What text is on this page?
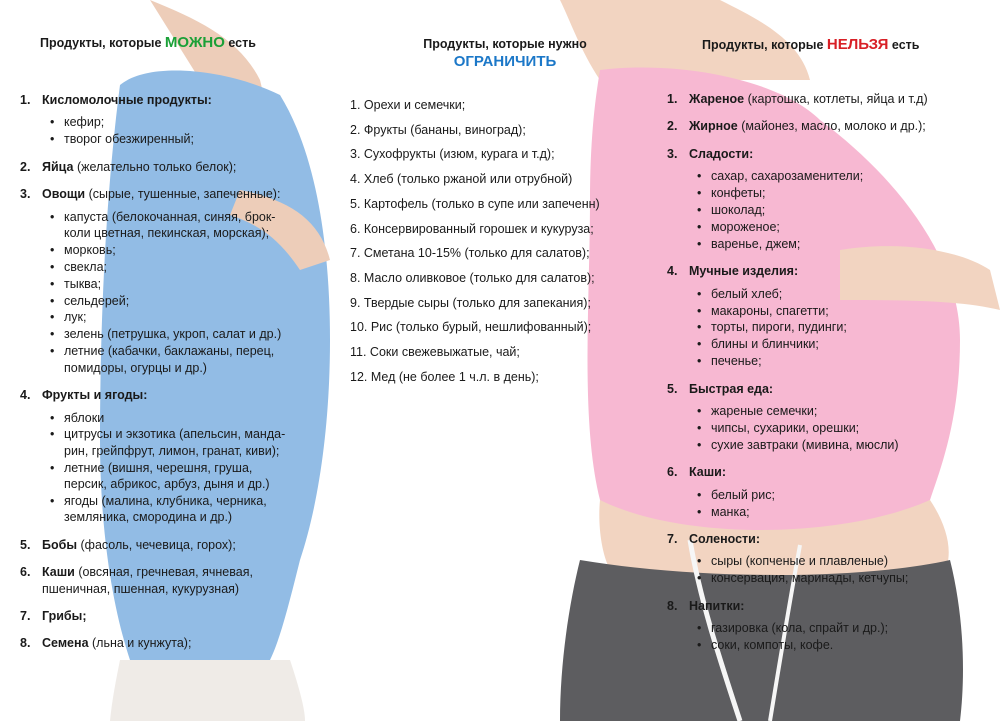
Продукты, которые МОЖНО есть	Продукты, которые нужно
ОГРАНИЧИТЬ
Продукты, которые НЕЛЬЗЯ есть
1. Кисломолочные продукты:
• кефир;
• творог обезжиренный;
2. Яйца (желательно только белок);
3. Овощи (сырые, тушенные, запеченные):
• капуста (белокочанная, синяя, брок-
коли цветная, пекинская, морская);
• морковь;
• свекла;
• тыква;
• сельдерей;
• лук;
• зелень (петрушка, укроп, салат и др.)
• летние (кабачки, баклажаны, перец,
помидоры, огурцы и др.)
4. Фрукты и ягоды:
• яблоки
• цитрусы и экзотика (апельсин, манда-
рин, грейпфрут, лимон, гранат, киви);
• летние (вишня, черешня, груша,
персик, абрикос, арбуз, дыня и др.)
• ягоды (малина, клубника, черника,
земляника, смородина и др.)
5. Бобы (фасоль, чечевица, горох);
6. Каши (овсяная, гречневая, ячневая,
пшеничная, пшенная, кукурузная)
7. Грибы;
8. Семена (льна и кунжута);
1. Орехи и семечки;
2. Фрукты (бананы, виноград);
3. Сухофрукты (изюм, курага и т.д);
4. Хлеб (только ржаной или отрубной)
5. Картофель (только в супе или запеченн)
6. Консервированный горошек и кукуруза;
7. Сметана 10-15% (только для салатов);
8. Масло оливковое (только для салатов);
9. Твердые сыры (только для запекания);
10. Рис (только бурый, нешлифованный);
11. Соки свежевыжатые, чай;
12. Мед (не более 1 ч.л. в день);
1. Жареное (картошка, котлеты, яйца и т.д)
2. Жирное (майонез, масло, молоко и др.);
3. Сладости:
• сахар, сахарозаменители;
• конфеты;
• шоколад;
• мороженое;
• варенье, джем;
4. Мучные изделия:
• белый хлеб;
• макароны, спагетти;
• торты, пироги, пудинги;
• блины и блинчики;
• печенье;
5. Быстрая еда:
• жареные семечки;
• чипсы, сухарики, орешки;
• сухие завтраки (мивина, мюсли)
6. Каши:
• белый рис;
• манка;
7. Солености:
• сыры (копченые и плавленые)
• консервация, маринады, кетчупы;
8. Напитки:
• газировка (кола, спрайт и др.);
• соки, компоты, кофе.
